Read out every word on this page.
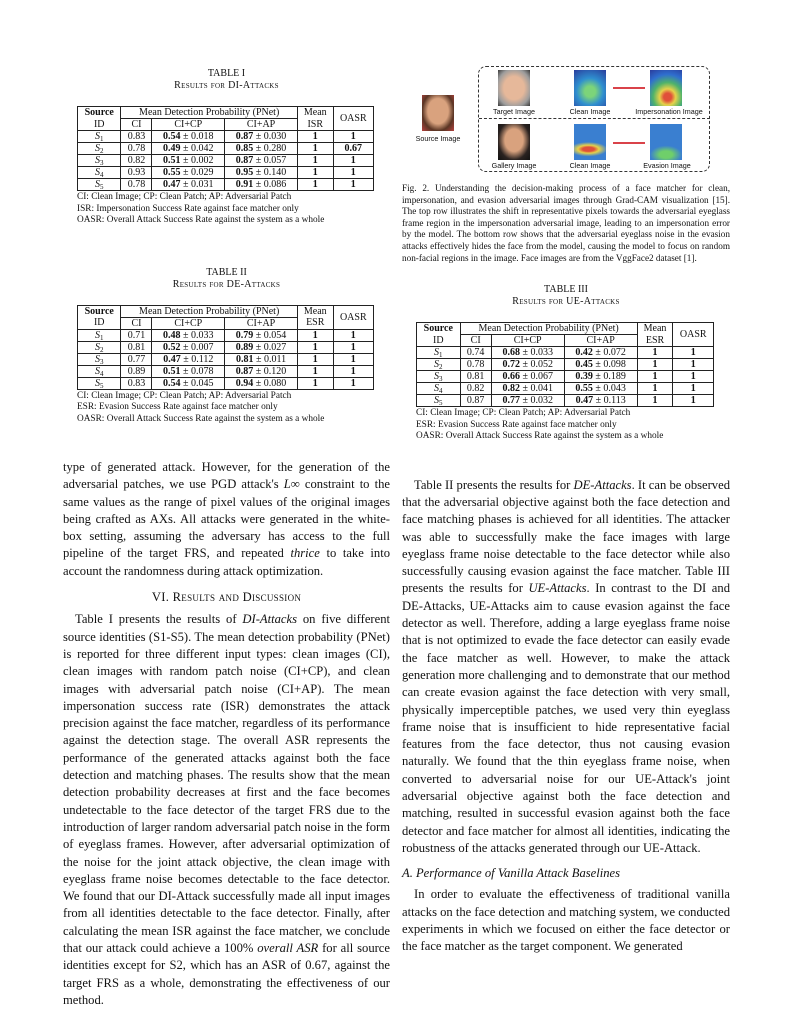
TABLE I
Results for DI-Attacks
Source	Mean Detection Probability (PNet)			Mean	OASR
ID	CI	CI+CP	CI+AP	ISR	
$S_1$	0.83	0.54 ± 0.018	0.87 ± 0.030	1	1
$S_2$	0.78	0.49 ± 0.042	0.85 ± 0.280	1	0.67
$S_3$	0.82	0.51 ± 0.002	0.87 ± 0.057	1	1
$S_4$	0.93	0.55 ± 0.029	0.95 ± 0.140	1	1
$S_5$	0.78	0.47 ± 0.031	0.91 ± 0.086	1	1
CI: Clean Image; CP: Clean Patch; AP: Adversarial Patch
ISR: Impersonation Success Rate against face matcher only
OASR: Overall Attack Success Rate against the system as a whole
TABLE II
Results for DE-Attacks
Source	Mean Detection Probability (PNet)			Mean	OASR
ID	CI	CI+CP	CI+AP	ESR	
$S_1$	0.71	0.48 ± 0.033	0.79 ± 0.054	1	1
$S_2$	0.81	0.52 ± 0.007	0.89 ± 0.027	1	1
$S_3$	0.77	0.47 ± 0.112	0.81 ± 0.011	1	1
$S_4$	0.89	0.51 ± 0.078	0.87 ± 0.120	1	1
$S_5$	0.83	0.54 ± 0.045	0.94 ± 0.080	1	1
CI: Clean Image; CP: Clean Patch; AP: Adversarial Patch
ESR: Evasion Success Rate against face matcher only
OASR: Overall Attack Success Rate against the system as a whole

type of generated attack. However, for the generation of the adversarial patches, we use PGD attack's L∞ constraint to the same values as the range of pixel values of the original images being crafted as AXs. All attacks were generated in the white-box setting, assuming the adversary has access to the full pipeline of the target FRS, and repeated thrice to take into account the randomness during attack optimization.

VI. Results and Discussion

Table I presents the results of DI-Attacks on five different source identities (S1-S5). The mean detection probability (PNet) is reported for three different input types: clean images (CI), clean images with random patch noise (CI+CP), and clean images with adversarial patch noise (CI+AP). The mean impersonation success rate (ISR) demonstrates the attack precision against the face matcher, regardless of its performance against the detection stage. The overall ASR represents the performance of the generated attacks against both the face detection and matching phases. The results show that the mean detection probability decreases at first and the face becomes undetectable to the face detector of the target FRS due to the introduction of larger random adversarial patch noise in the form of eyeglass frames. However, after adversarial optimization of the noise for the joint attack objective, the clean image with eyeglass frame noise becomes detectable to the face detector. We found that our DI-Attack successfully made all input images from all identities detectable to the face detector. Finally, after calculating the mean ISR against the face matcher, we conclude that our attack could achieve a 100% overall ASR for all source identities except for S2, which has an ASR of 0.67, against the target FRS as a whole, demonstrating the effectiveness of our method.

Source Image
Target Image	Clean Image	Impersonation Image
Gallery Image	Clean Image	Evasion Image
Fig. 2. Understanding the decision-making process of a face matcher for clean, impersonation, and evasion adversarial images through Grad-CAM visualization [15]. The top row illustrates the shift in representative pixels towards the adversarial eyeglass frame region in the impersonation adversarial image, leading to an impersonation error by the model. The bottom row shows that the adversarial eyeglass noise in the evasion attacks effectively hides the face from the model, causing the model to focus on random non-facial regions in the image. Face images are from the VggFace2 dataset [1].
TABLE III
Results for UE-Attacks
Source	Mean Detection Probability (PNet)			Mean	OASR
ID	CI	CI+CP	CI+AP	ESR	
$S_1$	0.74	0.68 ± 0.033	0.42 ± 0.072	1	1
$S_2$	0.78	0.72 ± 0.052	0.45 ± 0.098	1	1
$S_3$	0.81	0.66 ± 0.067	0.39 ± 0.189	1	1
$S_4$	0.82	0.82 ± 0.041	0.55 ± 0.043	1	1
$S_5$	0.87	0.77 ± 0.032	0.47 ± 0.113	1	1
CI: Clean Image; CP: Clean Patch; AP: Adversarial Patch
ESR: Evasion Success Rate against face matcher only
OASR: Overall Attack Success Rate against the system as a whole

Table II presents the results for DE-Attacks. It can be observed that the adversarial objective against both the face detection and face matching phases is achieved for all identities. The attacker was able to successfully make the face images with large eyeglass frame noise detectable to the face detector while also successfully causing evasion against the face matcher. Table III presents the results for UE-Attacks. In contrast to the DI and DE-Attacks, UE-Attacks aim to cause evasion against the face detector as well. Therefore, adding a large eyeglass frame noise that is not optimized to evade the face detector can easily evade the face matcher as well. However, to make the attack generation more challenging and to demonstrate that our method can create evasion against the face detection with very small, physically imperceptible patches, we used very thin eyeglass frame noise that is insufficient to hide representative facial features from the face detector, thus not causing evasion naturally. We found that the thin eyeglass frame noise, when converted to adversarial noise for our UE-Attack's joint adversarial objective against both the face detection and matching, resulted in successful evasion against both the face detector and face matcher for almost all identities, indicating the robustness of the attacks generated through our UE-Attack.

A. Performance of Vanilla Attack Baselines

In order to evaluate the effectiveness of traditional vanilla attacks on the face detection and matching system, we conducted experiments in which we focused on either the face detector or the face matcher as the target component. We generated
